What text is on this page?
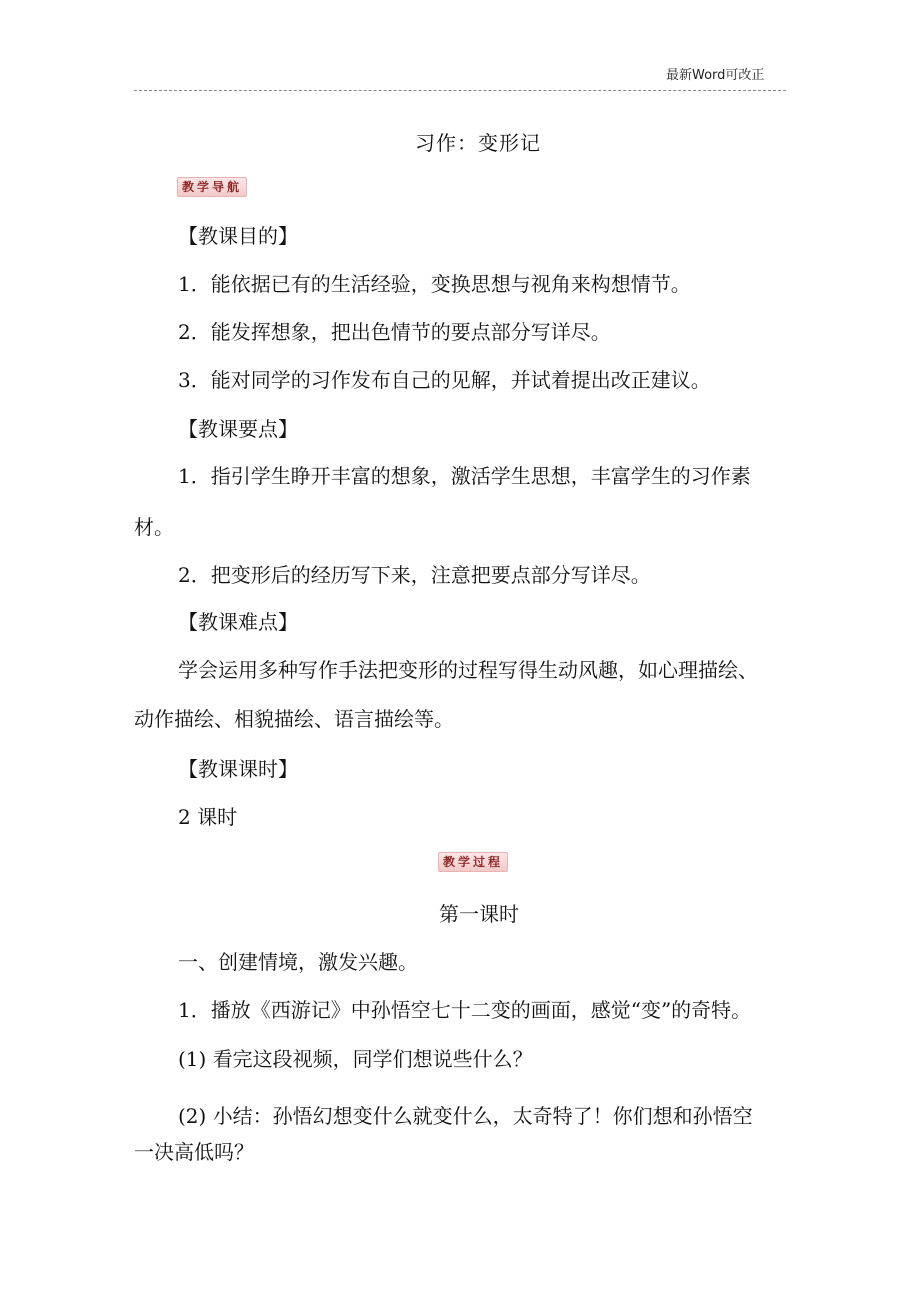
最新Word可改正
习作：变形记
教学导航
【教课目的】
1．能依据已有的生活经验，变换思想与视角来构想情节。
2．能发挥想象，把出色情节的要点部分写详尽。
3．能对同学的习作发布自己的见解，并试着提出改正建议。
【教课要点】
1．指引学生睁开丰富的想象，激活学生思想，丰富学生的习作素
材。
2．把变形后的经历写下来，注意把要点部分写详尽。
【教课难点】
学会运用多种写作手法把变形的过程写得生动风趣，如心理描绘、
动作描绘、相貌描绘、语言描绘等。
【教课课时】
2 课时
教学过程
第一课时
一、创建情境，激发兴趣。
1．播放《西游记》中孙悟空七十二变的画面，感觉“变”的奇特。
(1) 看完这段视频，同学们想说些什么？
(2) 小结：孙悟幻想变什么就变什么，太奇特了！你们想和孙悟空
一决高低吗？
